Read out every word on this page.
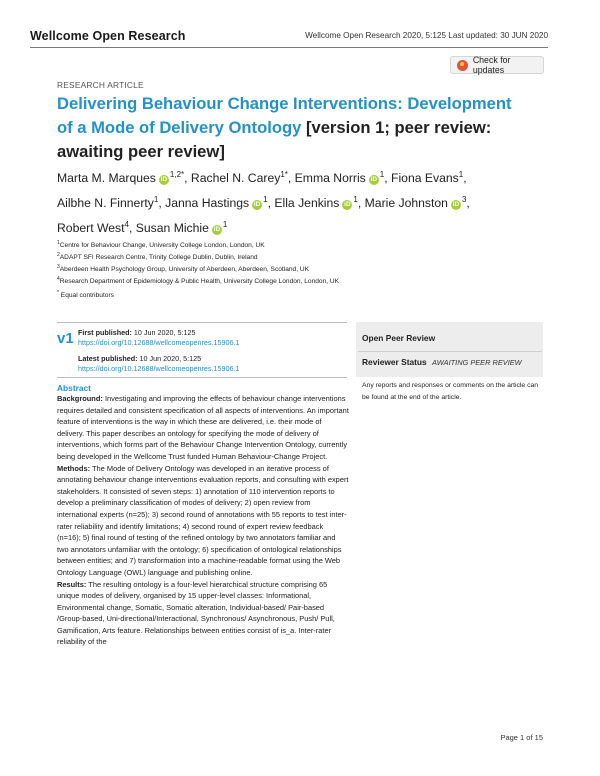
Wellcome Open Research	Wellcome Open Research 2020, 5:125 Last updated: 30 JUN 2020
Check for updates
RESEARCH ARTICLE
Delivering Behaviour Change Interventions: Development of a Mode of Delivery Ontology [version 1; peer review: awaiting peer review]
Marta M. Marques $iD^{1,2*}$, Rachel N. Carey$^{1*}$, Emma Norris $iD^1$, Fiona Evans$^1$,
Ailbhe N. Finnerty$^1$, Janna Hastings $iD^1$, Ella Jenkins $iD^1$, Marie Johnston $iD^3$,
Robert West$^4$, Susan Michie $iD^1$
$^1$Centre for Behaviour Change, University College London, London, UK
$^2$ADAPT SFI Research Centre, Trinity College Dublin, Dublin, Ireland
$^3$Aberdeen Health Psychology Group, University of Aberdeen, Aberdeen, Scotland, UK
$^4$Research Department of Epidemiology & Public Health, University College London, London, UK
* Equal contributors
v1 First published: 10 Jun 2020, 5:125
https://doi.org/10.12688/wellcomeopenres.15906.1
Latest published: 10 Jun 2020, 5:125
https://doi.org/10.12688/wellcomeopenres.15906.1
Abstract
Background: Investigating and improving the effects of behaviour change interventions requires detailed and consistent specification of all aspects of interventions. An important feature of interventions is the way in which these are delivered, i.e. their mode of delivery. This paper describes an ontology for specifying the mode of delivery of interventions, which forms part of the Behaviour Change Intervention Ontology, currently being developed in the Wellcome Trust funded Human Behaviour-Change Project.
Methods: The Mode of Delivery Ontology was developed in an iterative process of annotating behaviour change interventions evaluation reports, and consulting with expert stakeholders. It consisted of seven steps: 1) annotation of 110 intervention reports to develop a preliminary classification of modes of delivery; 2) open review from international experts (n=25); 3) second round of annotations with 55 reports to test inter-rater reliability and identify limitations; 4) second round of expert review feedback (n=16); 5) final round of testing of the refined ontology by two annotators familiar and two annotators unfamiliar with the ontology; 6) specification of ontological relationships between entities; and 7) transformation into a machine-readable format using the Web Ontology Language (OWL) language and publishing online.
Results: The resulting ontology is a four-level hierarchical structure comprising 65 unique modes of delivery, organised by 15 upper-level classes: Informational, Environmental change, Somatic, Somatic alteration, Individual-based/ Pair-based /Group-based, Uni-directional/Interactional, Synchronous/ Asynchronous, Push/ Pull, Gamification, Arts feature. Relationships between entities consist of is_a. Inter-rater reliability of the
Open Peer Review
Reviewer Status AWAITING PEER REVIEW
Any reports and responses or comments on the article can be found at the end of the article.
Page 1 of 15
